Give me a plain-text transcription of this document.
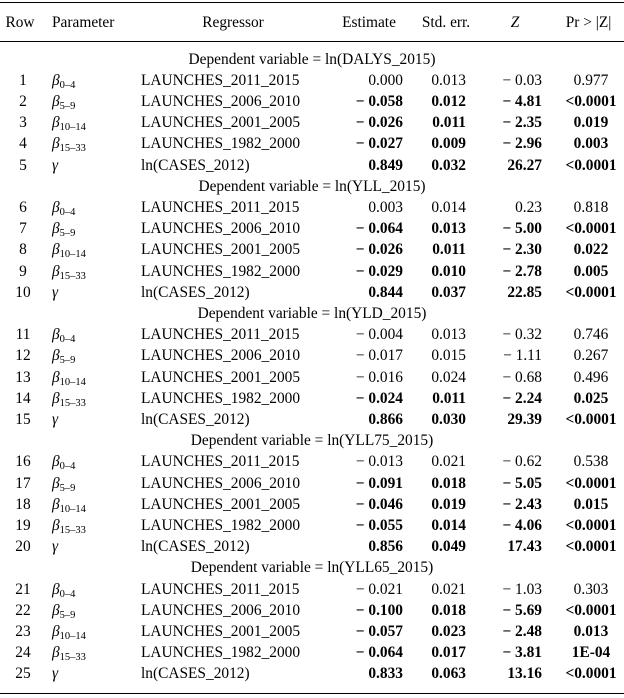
Row	Parameter	Regressor	Estimate	Std. err.	Z	Pr > |Z|
Dependent variable = ln(DALYS_2015)
1	$\beta_{0-4}$	LAUNCHES_2011_2015	0.000	0.013	− 0.03	0.977
2	$\beta_{5-9}$	LAUNCHES_2006_2010	− 0.058	0.012	− 4.81	<0.0001
3	$\beta_{10-14}$	LAUNCHES_2001_2005	− 0.026	0.011	− 2.35	0.019
4	$\beta_{15-33}$	LAUNCHES_1982_2000	− 0.027	0.009	− 2.96	0.003
5	γ	ln(CASES_2012)	0.849	0.032	26.27	<0.0001
Dependent variable = ln(YLL_2015)
6	$\beta_{0-4}$	LAUNCHES_2011_2015	0.003	0.014	0.23	0.818
7	$\beta_{5-9}$	LAUNCHES_2006_2010	− 0.064	0.013	− 5.00	<0.0001
8	$\beta_{10-14}$	LAUNCHES_2001_2005	− 0.026	0.011	− 2.30	0.022
9	$\beta_{15-33}$	LAUNCHES_1982_2000	− 0.029	0.010	− 2.78	0.005
10	γ	ln(CASES_2012)	0.844	0.037	22.85	<0.0001
Dependent variable = ln(YLD_2015)
11	$\beta_{0-4}$	LAUNCHES_2011_2015	− 0.004	0.013	− 0.32	0.746
12	$\beta_{5-9}$	LAUNCHES_2006_2010	− 0.017	0.015	− 1.11	0.267
13	$\beta_{10-14}$	LAUNCHES_2001_2005	− 0.016	0.024	− 0.68	0.496
14	$\beta_{15-33}$	LAUNCHES_1982_2000	− 0.024	0.011	− 2.24	0.025
15	γ	ln(CASES_2012)	0.866	0.030	29.39	<0.0001
Dependent variable = ln(YLL75_2015)
16	$\beta_{0-4}$	LAUNCHES_2011_2015	− 0.013	0.021	− 0.62	0.538
17	$\beta_{5-9}$	LAUNCHES_2006_2010	− 0.091	0.018	− 5.05	<0.0001
18	$\beta_{10-14}$	LAUNCHES_2001_2005	− 0.046	0.019	− 2.43	0.015
19	$\beta_{15-33}$	LAUNCHES_1982_2000	− 0.055	0.014	− 4.06	<0.0001
20	γ	ln(CASES_2012)	0.856	0.049	17.43	<0.0001
Dependent variable = ln(YLL65_2015)
21	$\beta_{0-4}$	LAUNCHES_2011_2015	− 0.021	0.021	− 1.03	0.303
22	$\beta_{5-9}$	LAUNCHES_2006_2010	− 0.100	0.018	− 5.69	<0.0001
23	$\beta_{10-14}$	LAUNCHES_2001_2005	− 0.057	0.023	− 2.48	0.013
24	$\beta_{15-33}$	LAUNCHES_1982_2000	− 0.064	0.017	− 3.81	1E-04
25	γ	ln(CASES_2012)	0.833	0.063	13.16	<0.0001
